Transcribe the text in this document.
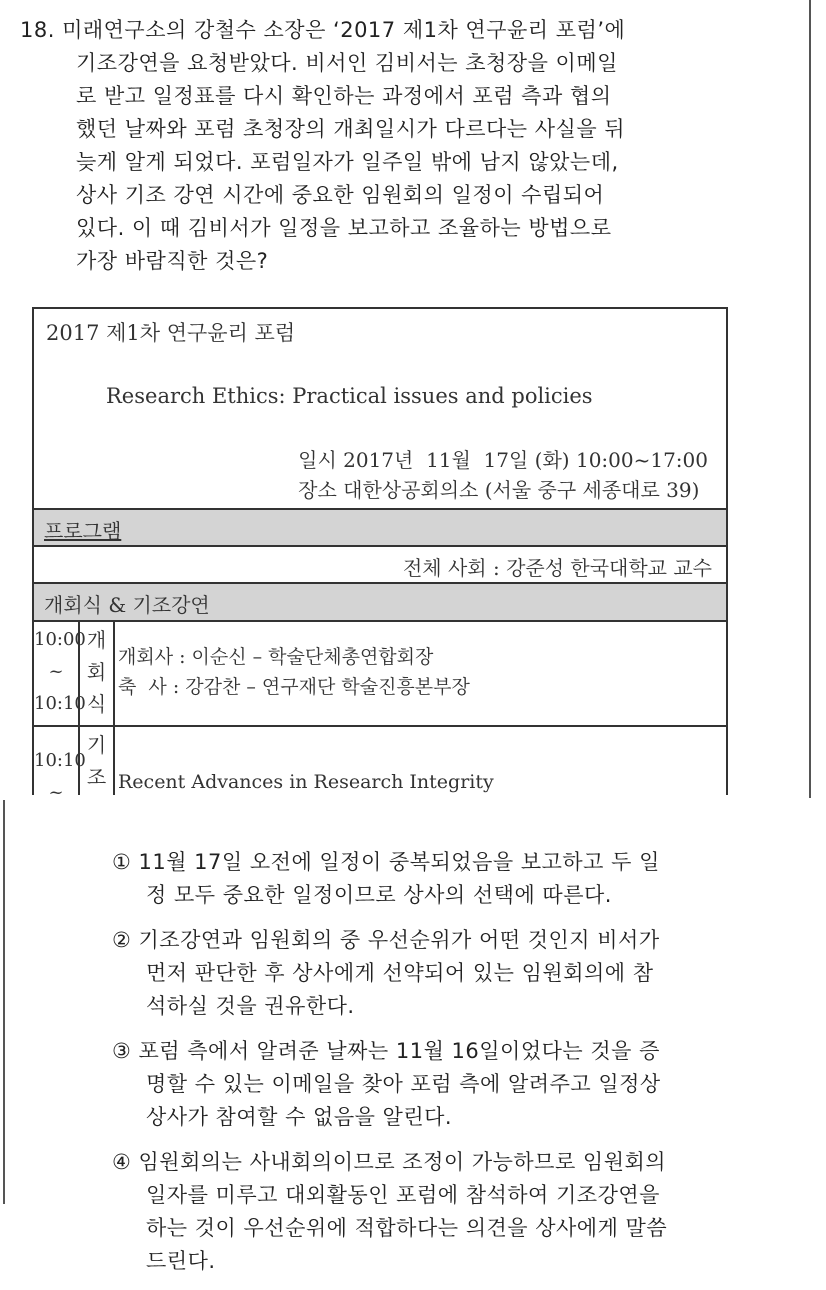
18. 미래연구소의 강철수 소장은 ‘2017 제1차 연구윤리 포럼’에
기조강연을 요청받았다. 비서인 김비서는 초청장을 이메일
로 받고 일정표를 다시 확인하는 과정에서 포럼 측과 협의
했던 날짜와 포럼 초청장의 개최일시가 다르다는 사실을 뒤
늦게 알게 되었다. 포럼일자가 일주일 밖에 남지 않았는데,
상사 기조 강연 시간에 중요한 임원회의 일정이 수립되어
있다. 이 때 김비서가 일정을 보고하고 조율하는 방법으로
가장 바람직한 것은?
2017 제1차 연구윤리 포럼
Research Ethics: Practical issues and policies
일시 2017년  11월  17일 (화) 10:00~17:00
장소 대한상공회의소 (서울 중구 세종대로 39)
프로그램
전체 사회 : 강준성 한국대학교 교수
개회식 & 기조강연
10:00
~
10:10
개
회
식
개회사 : 이순신 – 학술단체총연합회장
축  사 : 강감찬 – 연구재단 학술진흥본부장
10:10
~
기
조 Recent Advances in Research Integrity
① 11월 17일 오전에 일정이 중복되었음을 보고하고 두 일
정 모두 중요한 일정이므로 상사의 선택에 따른다.
② 기조강연과 임원회의 중 우선순위가 어떤 것인지 비서가
먼저 판단한 후 상사에게 선약되어 있는 임원회의에 참
석하실 것을 권유한다.
③ 포럼 측에서 알려준 날짜는 11월 16일이었다는 것을 증
명할 수 있는 이메일을 찾아 포럼 측에 알려주고 일정상
상사가 참여할 수 없음을 알린다.
④ 임원회의는 사내회의이므로 조정이 가능하므로 임원회의
일자를 미루고 대외활동인 포럼에 참석하여 기조강연을
하는 것이 우선순위에 적합하다는 의견을 상사에게 말씀
드린다.
